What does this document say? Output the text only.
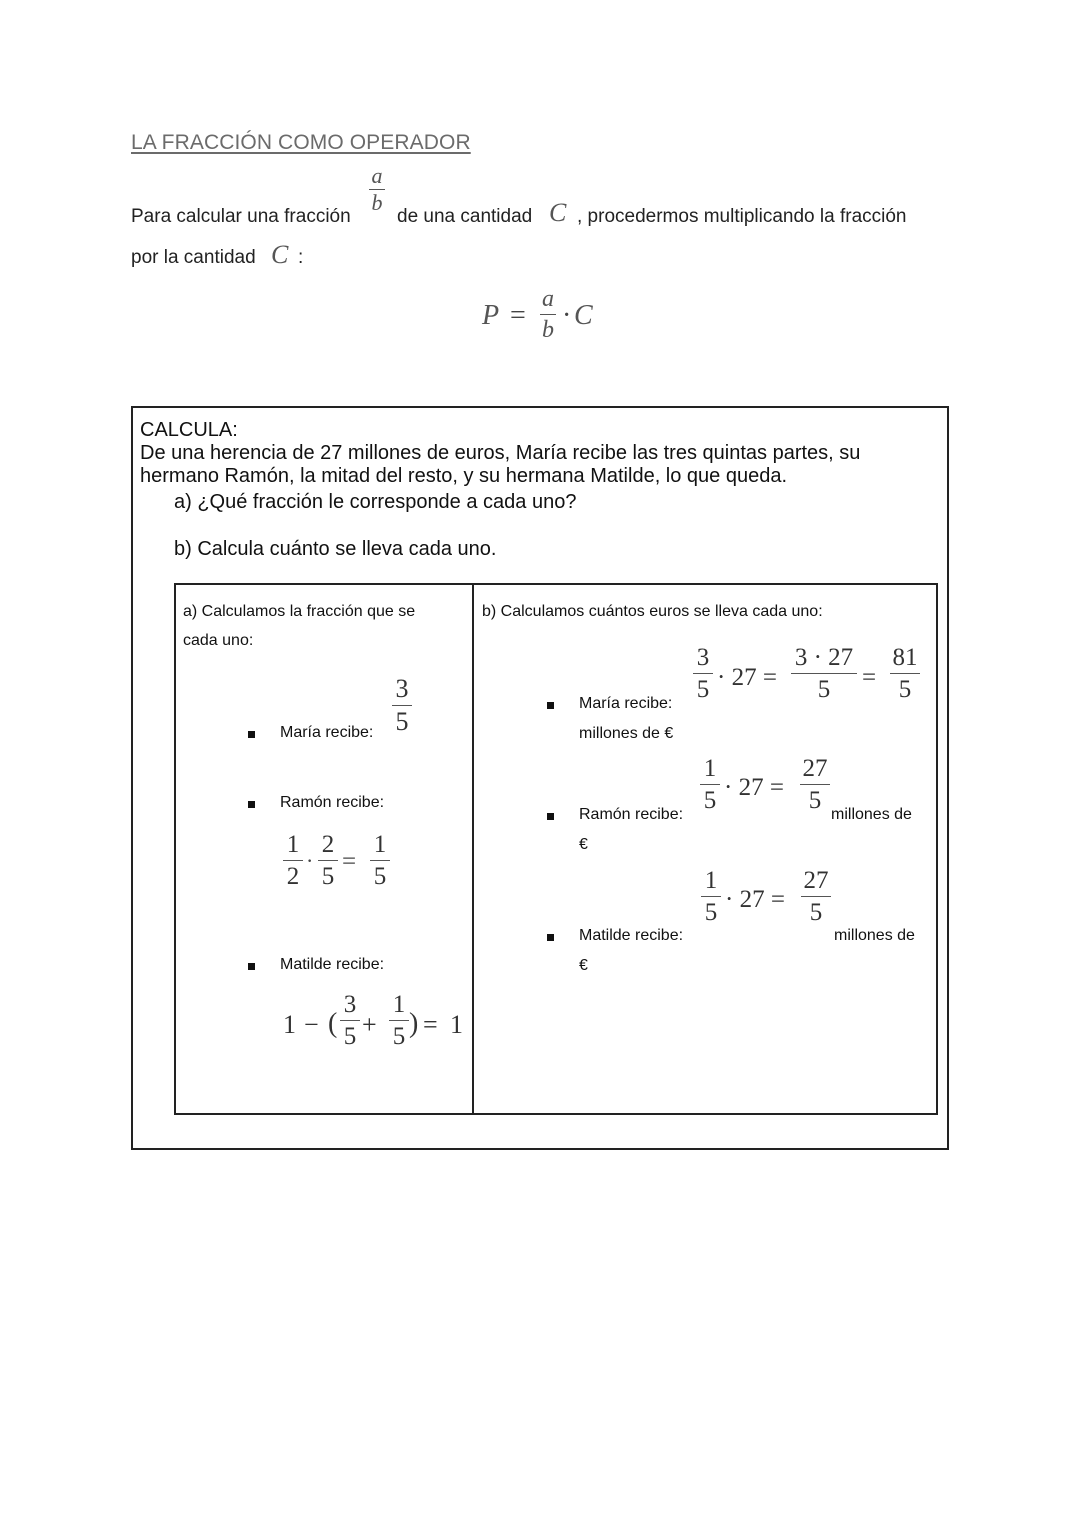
LA FRACCIÓN COMO OPERADOR
Para calcular una fracción
a
b
de una cantidad C , procedermos multiplicando la fracción
por la cantidad C :
P =
a
b · C
CALCULA:
De una herencia de 27 millones de euros, María recibe las tres quintas partes, su
hermano Ramón, la mitad del resto, y su hermana Matilde, lo que queda.
a) ¿Qué fracción le corresponde a cada uno?
b) Calcula cuánto se lleva cada uno.
a) Calculamos la fracción que se
cada uno:
María recibe:
3
5
Ramón recibe:
1
2
·
2
5
=
1
5
Matilde recibe:
1 − (
3
5 +
1
5 ) = 1
b) Calculamos cuántos euros se lleva cada uno:
3
5 · 27 =
3 · 27
5	=
81
5
María recibe:
millones de €
1
5 · 27 =
27
5
Ramón recibe:	millones de
€
1
5 · 27 =
27
5
Matilde recibe:	millones de
€
